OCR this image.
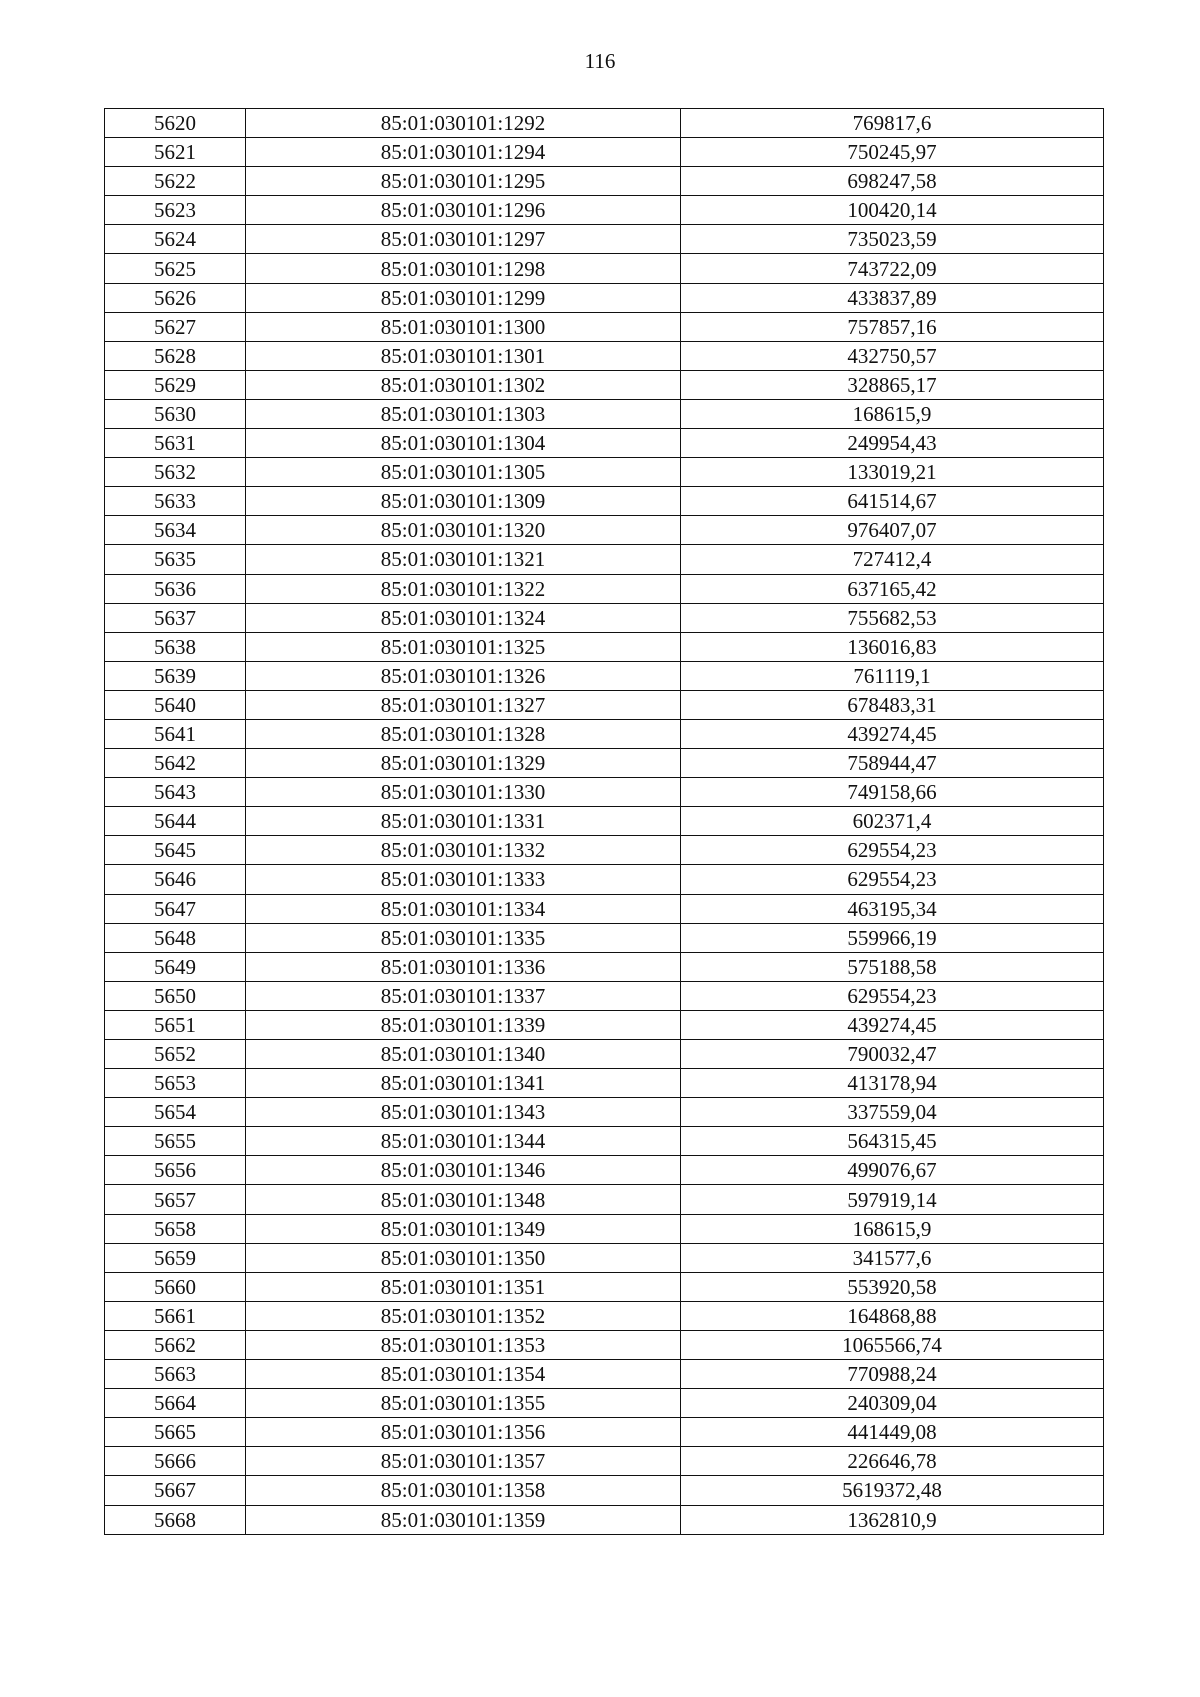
116
5620	85:01:030101:1292	769817,6
5621	85:01:030101:1294	750245,97
5622	85:01:030101:1295	698247,58
5623	85:01:030101:1296	100420,14
5624	85:01:030101:1297	735023,59
5625	85:01:030101:1298	743722,09
5626	85:01:030101:1299	433837,89
5627	85:01:030101:1300	757857,16
5628	85:01:030101:1301	432750,57
5629	85:01:030101:1302	328865,17
5630	85:01:030101:1303	168615,9
5631	85:01:030101:1304	249954,43
5632	85:01:030101:1305	133019,21
5633	85:01:030101:1309	641514,67
5634	85:01:030101:1320	976407,07
5635	85:01:030101:1321	727412,4
5636	85:01:030101:1322	637165,42
5637	85:01:030101:1324	755682,53
5638	85:01:030101:1325	136016,83
5639	85:01:030101:1326	761119,1
5640	85:01:030101:1327	678483,31
5641	85:01:030101:1328	439274,45
5642	85:01:030101:1329	758944,47
5643	85:01:030101:1330	749158,66
5644	85:01:030101:1331	602371,4
5645	85:01:030101:1332	629554,23
5646	85:01:030101:1333	629554,23
5647	85:01:030101:1334	463195,34
5648	85:01:030101:1335	559966,19
5649	85:01:030101:1336	575188,58
5650	85:01:030101:1337	629554,23
5651	85:01:030101:1339	439274,45
5652	85:01:030101:1340	790032,47
5653	85:01:030101:1341	413178,94
5654	85:01:030101:1343	337559,04
5655	85:01:030101:1344	564315,45
5656	85:01:030101:1346	499076,67
5657	85:01:030101:1348	597919,14
5658	85:01:030101:1349	168615,9
5659	85:01:030101:1350	341577,6
5660	85:01:030101:1351	553920,58
5661	85:01:030101:1352	164868,88
5662	85:01:030101:1353	1065566,74
5663	85:01:030101:1354	770988,24
5664	85:01:030101:1355	240309,04
5665	85:01:030101:1356	441449,08
5666	85:01:030101:1357	226646,78
5667	85:01:030101:1358	5619372,48
5668	85:01:030101:1359	1362810,9
